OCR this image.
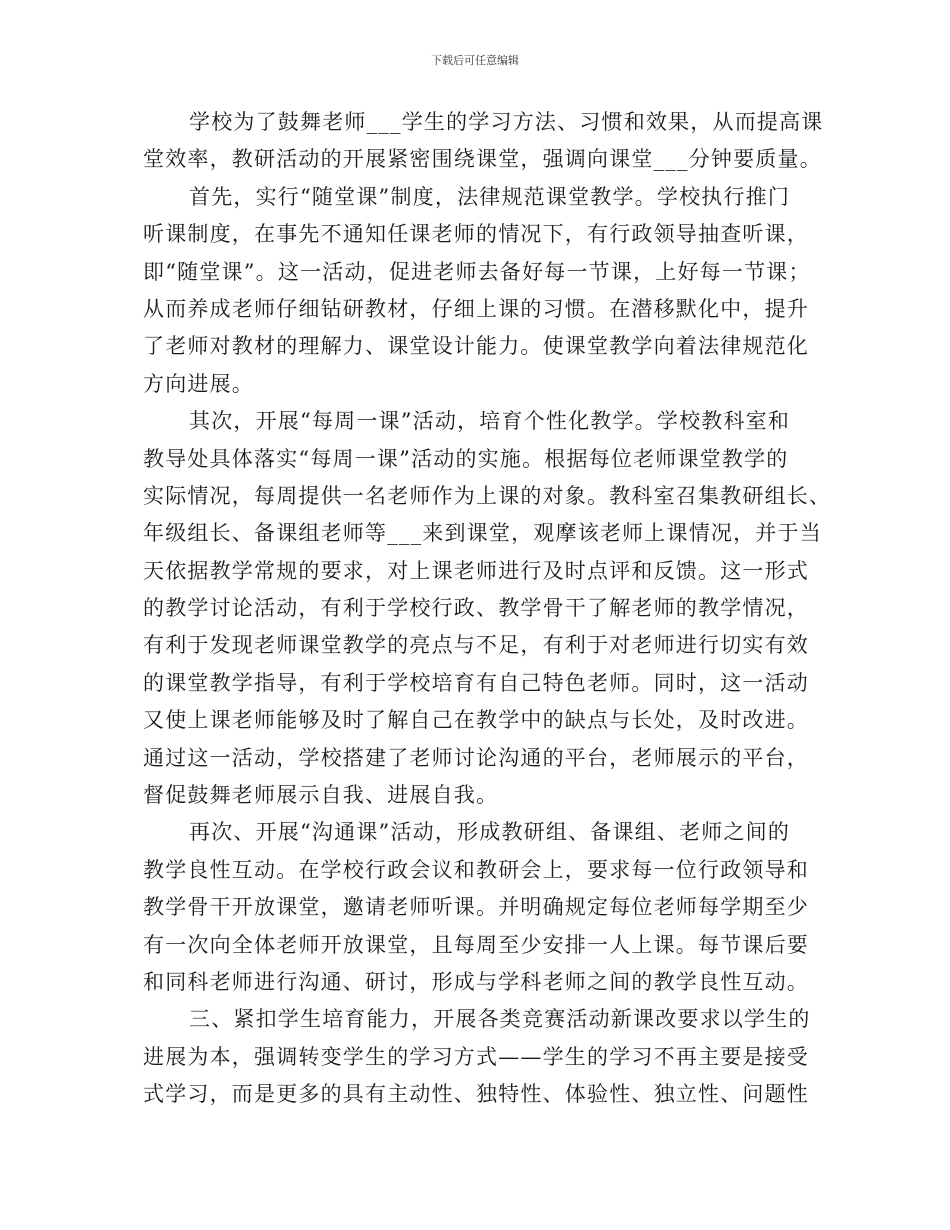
下载后可任意编辑
学校为了鼓舞老师___学生的学习方法、习惯和效果，从而提高课
堂效率，教研活动的开展紧密围绕课堂，强调向课堂___分钟要质量。
首先，实行“随堂课”制度，法律规范课堂教学。学校执行推门
听课制度，在事先不通知任课老师的情况下，有行政领导抽查听课，
即“随堂课”。这一活动，促进老师去备好每一节课，上好每一节课；
从而养成老师仔细钻研教材，仔细上课的习惯。在潜移默化中，提升
了老师对教材的理解力、课堂设计能力。使课堂教学向着法律规范化
方向进展。
其次，开展“每周一课”活动，培育个性化教学。学校教科室和
教导处具体落实“每周一课”活动的实施。根据每位老师课堂教学的
实际情况，每周提供一名老师作为上课的对象。教科室召集教研组长、
年级组长、备课组老师等___来到课堂，观摩该老师上课情况，并于当
天依据教学常规的要求，对上课老师进行及时点评和反馈。这一形式
的教学讨论活动，有利于学校行政、教学骨干了解老师的教学情况，
有利于发现老师课堂教学的亮点与不足，有利于对老师进行切实有效
的课堂教学指导，有利于学校培育有自己特色老师。同时，这一活动
又使上课老师能够及时了解自己在教学中的缺点与长处，及时改进。
通过这一活动，学校搭建了老师讨论沟通的平台，老师展示的平台，
督促鼓舞老师展示自我、进展自我。
再次、开展“沟通课”活动，形成教研组、备课组、老师之间的
教学良性互动。在学校行政会议和教研会上，要求每一位行政领导和
教学骨干开放课堂，邀请老师听课。并明确规定每位老师每学期至少
有一次向全体老师开放课堂，且每周至少安排一人上课。每节课后要
和同科老师进行沟通、研讨，形成与学科老师之间的教学良性互动。
三、紧扣学生培育能力，开展各类竞赛活动新课改要求以学生的
进展为本，强调转变学生的学习方式——学生的学习不再主要是接受
式学习，而是更多的具有主动性、独特性、体验性、独立性、问题性
